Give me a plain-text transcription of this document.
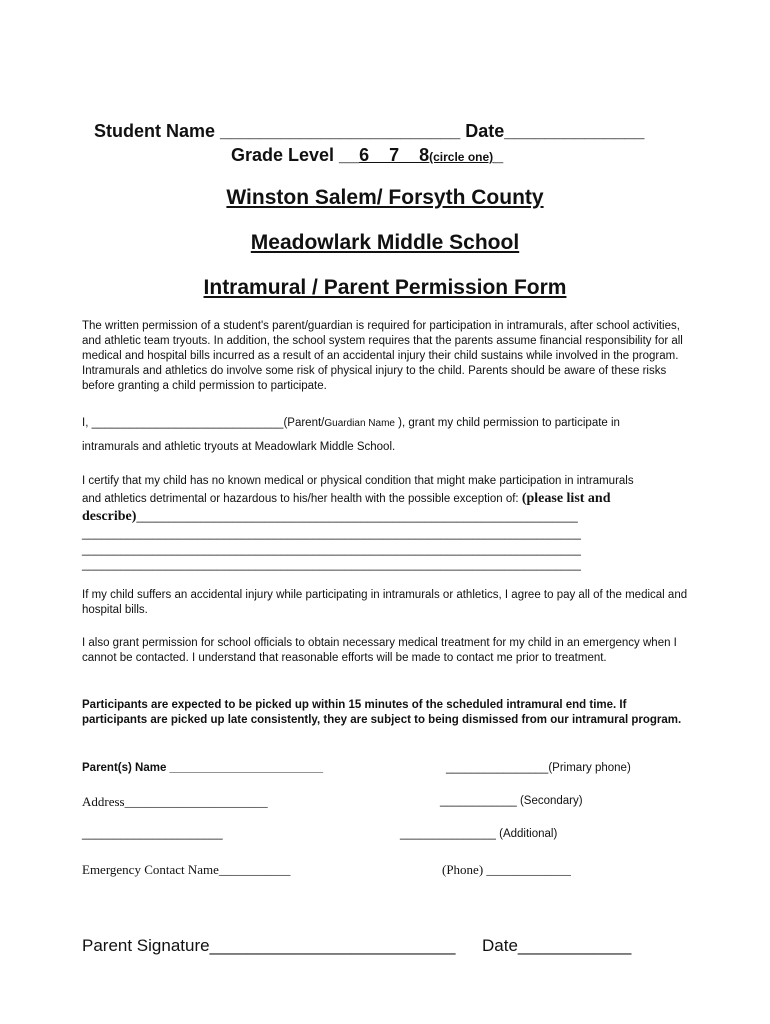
Student Name ________________________ Date______________
Grade Level __6    7    8(circle one)_
Winston Salem/ Forsyth County
Meadowlark Middle School
Intramural / Parent Permission Form
The written permission of a student's parent/guardian is required for participation in intramurals, after school activities, and athletic team tryouts. In addition, the school system requires that the parents assume financial responsibility for all medical and hospital bills incurred as a result of an accidental injury their child sustains while involved in the program. Intramurals and athletics do involve some risk of physical injury to the child. Parents should be aware of these risks before granting a child permission to participate.
I, ______________________________(Parent/Guardian Name ), grant my child permission to participate in
intramurals and athletic tryouts at Meadowlark Middle School.
I certify that my child has no known medical or physical condition that might make participation in intramurals
and athletics detrimental or hazardous to his/her health with the possible exception of: (please list and
describe)_____________________________________________________________________
______________________________________________________________________________
______________________________________________________________________________
______________________________________________________________________________
If my child suffers an accidental injury while participating in intramurals or athletics, I agree to pay all of the medical and hospital bills.
I also grant permission for school officials to obtain necessary medical treatment for my child in an emergency when I cannot be contacted. I understand that reasonable efforts will be made to contact me prior to treatment.
Participants are expected to be picked up within 15 minutes of the scheduled intramural end time. If participants are picked up late consistently, they are subject to being dismissed from our intramural program.
Parent(s) Name ________________________	________________(Primary phone)
Address______________________	____________ (Secondary)
______________________	_______________ (Additional)
Emergency Contact Name___________	(Phone) _____________
Parent Signature__________________________ Date____________
